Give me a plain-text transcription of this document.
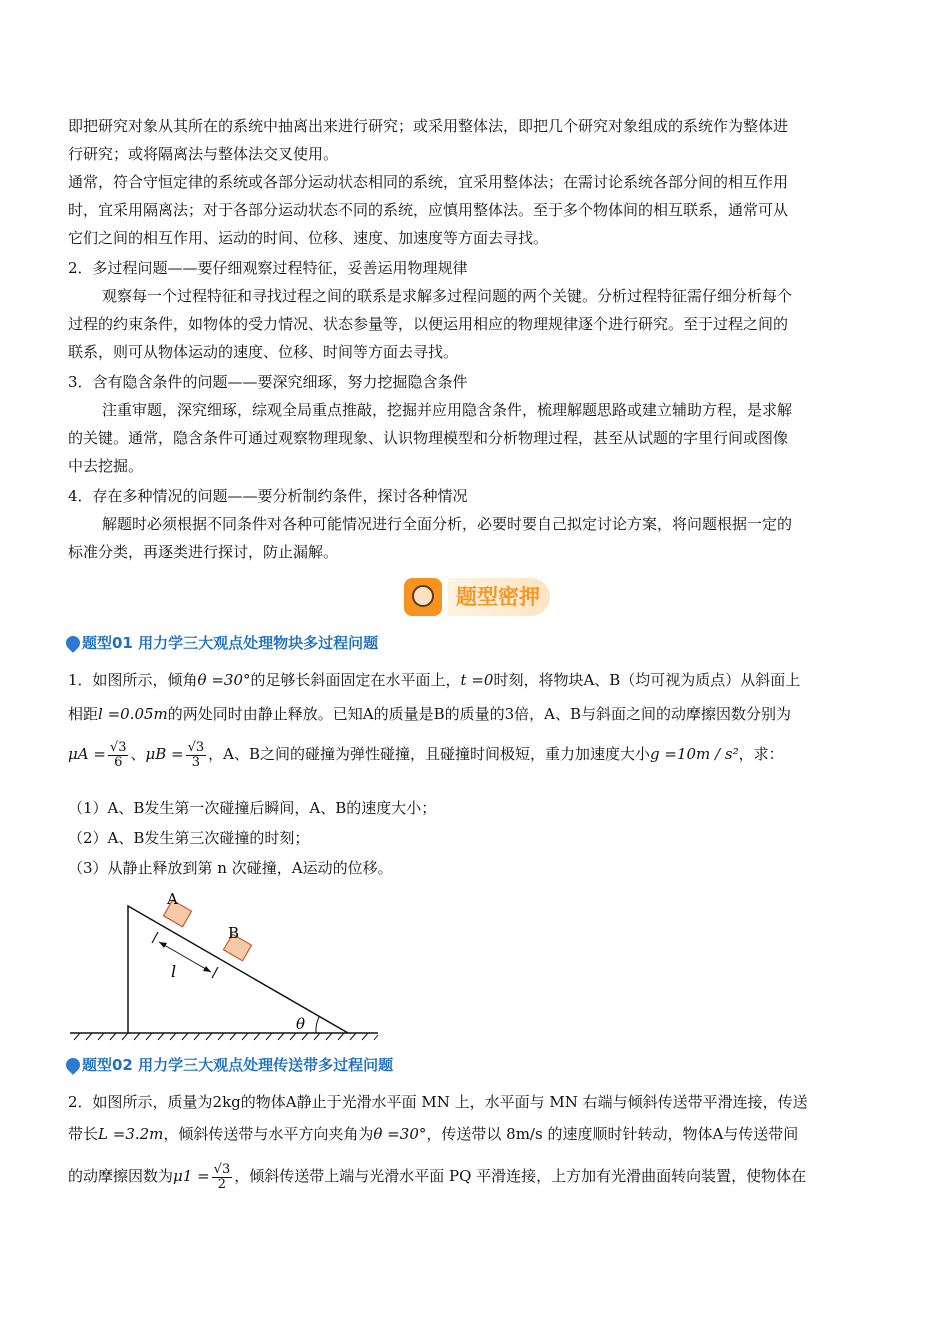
即把研究对象从其所在的系统中抽离出来进行研究；或采用整体法，即把几个研究对象组成的系统作为整体进

行研究；或将隔离法与整体法交叉使用。

通常，符合守恒定律的系统或各部分运动状态相同的系统，宜采用整体法；在需讨论系统各部分间的相互作用

时，宜采用隔离法；对于各部分运动状态不同的系统，应慎用整体法。至于多个物体间的相互联系，通常可从

它们之间的相互作用、运动的时间、位移、速度、加速度等方面去寻找。

2．多过程问题——要仔细观察过程特征，妥善运用物理规律

观察每一个过程特征和寻找过程之间的联系是求解多过程问题的两个关键。分析过程特征需仔细分析每个

过程的约束条件，如物体的受力情况、状态参量等，以便运用相应的物理规律逐个进行研究。至于过程之间的

联系，则可从物体运动的速度、位移、时间等方面去寻找。

3．含有隐含条件的问题——要深究细琢，努力挖掘隐含条件

注重审题，深究细琢，综观全局重点推敲，挖掘并应用隐含条件，梳理解题思路或建立辅助方程，是求解

的关键。通常，隐含条件可通过观察物理现象、认识物理模型和分析物理过程，甚至从试题的字里行间或图像

中去挖掘。

4．存在多种情况的问题——要分析制约条件，探讨各种情况

解题时必须根据不同条件对各种可能情况进行全面分析，必要时要自己拟定讨论方案，将问题根据一定的

标准分类，再逐类进行探讨，防止漏解。

题型密押
题型01 用力学三大观点处理物块多过程问题

1．如图所示，倾角θ =30°的足够长斜面固定在水平面上，t =0时刻，将物块A、B（均可视为质点）从斜面上

相距l =0.05m的两处同时由静止释放。已知A的质量是B的质量的3倍，A、B与斜面之间的动摩擦因数分别为

$\mu A = \frac{√3}{6}$ 、$\mu B = \frac{√3}{3}$ ，A、B之间的碰撞为弹性碰撞，且碰撞时间极短，重力加速度大小g =10m / s²，求：

（1）A、B发生第一次碰撞后瞬间，A、B的速度大小；

（2）A、B发生第三次碰撞的时刻；

（3）从静止释放到第 n 次碰撞，A运动的位移。

A
B
l
θ
题型02 用力学三大观点处理传送带多过程问题

2．如图所示，质量为2kg的物体A静止于光滑水平面 MN 上，水平面与 MN 右端与倾斜传送带平滑连接，传送

带长L =3.2m，倾斜传送带与水平方向夹角为θ =30°，传送带以 8m/s 的速度顺时针转动，物体A与传送带间

的动摩擦因数为$\mu 1 = \frac{√3}{2}$ ，倾斜传送带上端与光滑水平面 PQ 平滑连接，上方加有光滑曲面转向装置，使物体在
